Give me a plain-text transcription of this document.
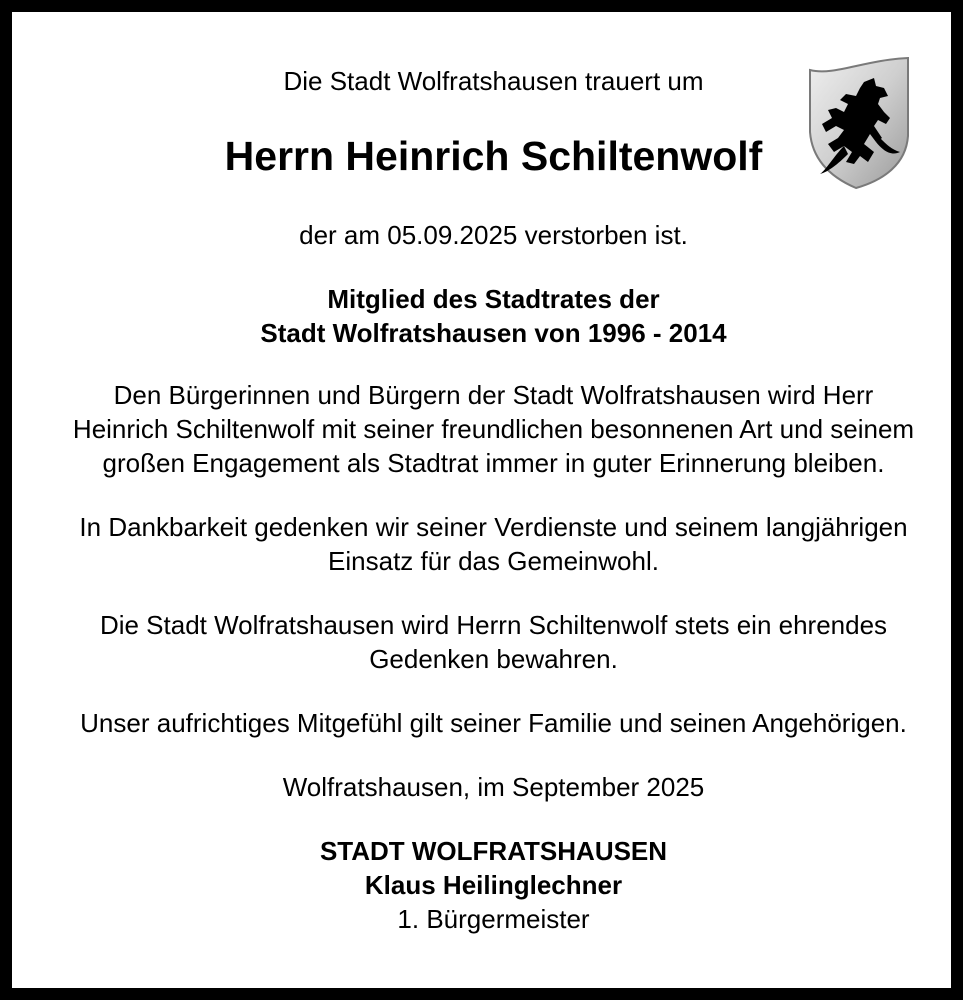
Die Stadt Wolfratshausen trauert um
Herrn Heinrich Schiltenwolf
der am 05.09.2025 verstorben ist.
Mitglied des Stadtrates der
Stadt Wolfratshausen von 1996 - 2014
Den Bürgerinnen und Bürgern der Stadt Wolfratshausen wird Herr
Heinrich Schiltenwolf mit seiner freundlichen besonnenen Art und seinem
großen Engagement als Stadtrat immer in guter Erinnerung bleiben.
In Dankbarkeit gedenken wir seiner Verdienste und seinem langjährigen
Einsatz für das Gemeinwohl.
Die Stadt Wolfratshausen wird Herrn Schiltenwolf stets ein ehrendes
Gedenken bewahren.
Unser aufrichtiges Mitgefühl gilt seiner Familie und seinen Angehörigen.
Wolfratshausen, im September 2025
STADT WOLFRATSHAUSEN
Klaus Heilinglechner
1. Bürgermeister
